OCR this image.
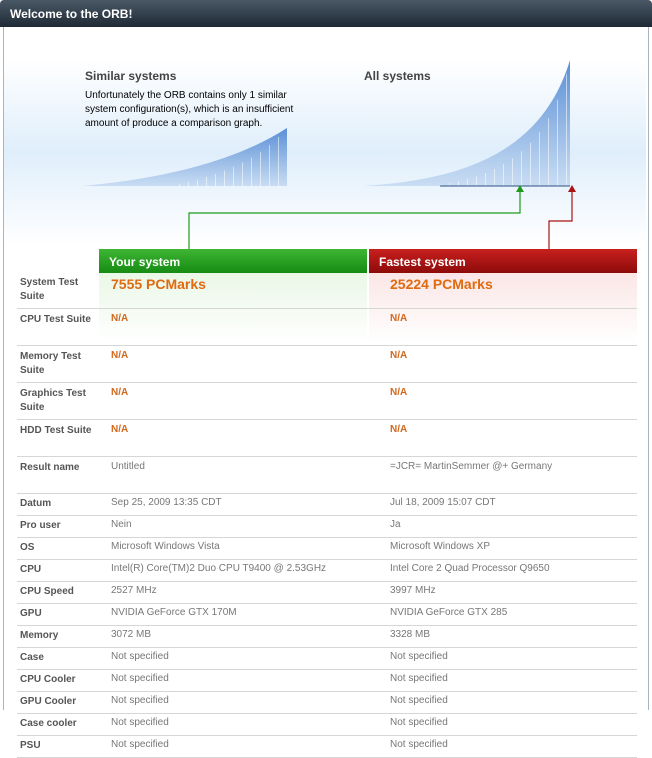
Welcome to the ORB!
Similar systems
Unfortunately the ORB contains only 1 similar system configuration(s), which is an insufficient amount of produce a comparison graph.
All systems
Your system	Fastest system
System Test Suite	7555 PCMarks	25224 PCMarks
CPU Test Suite	N/A	N/A
Memory Test Suite	N/A	N/A
Graphics Test Suite	N/A	N/A
HDD Test Suite	N/A	N/A
Result name	Untitled	=JCR= MartinSemmer @+ Germany
Datum	Sep 25, 2009 13:35 CDT	Jul 18, 2009 15:07 CDT
Pro user	Nein	Ja
OS	Microsoft Windows Vista	Microsoft Windows XP
CPU	Intel(R) Core(TM)2 Duo CPU T9400 @ 2.53GHz	Intel Core 2 Quad Processor Q9650
CPU Speed	2527 MHz	3997 MHz
GPU	NVIDIA GeForce GTX 170M	NVIDIA GeForce GTX 285
Memory	3072 MB	3328 MB
Case	Not specified	Not specified
CPU Cooler	Not specified	Not specified
GPU Cooler	Not specified	Not specified
Case cooler	Not specified	Not specified
PSU	Not specified	Not specified
